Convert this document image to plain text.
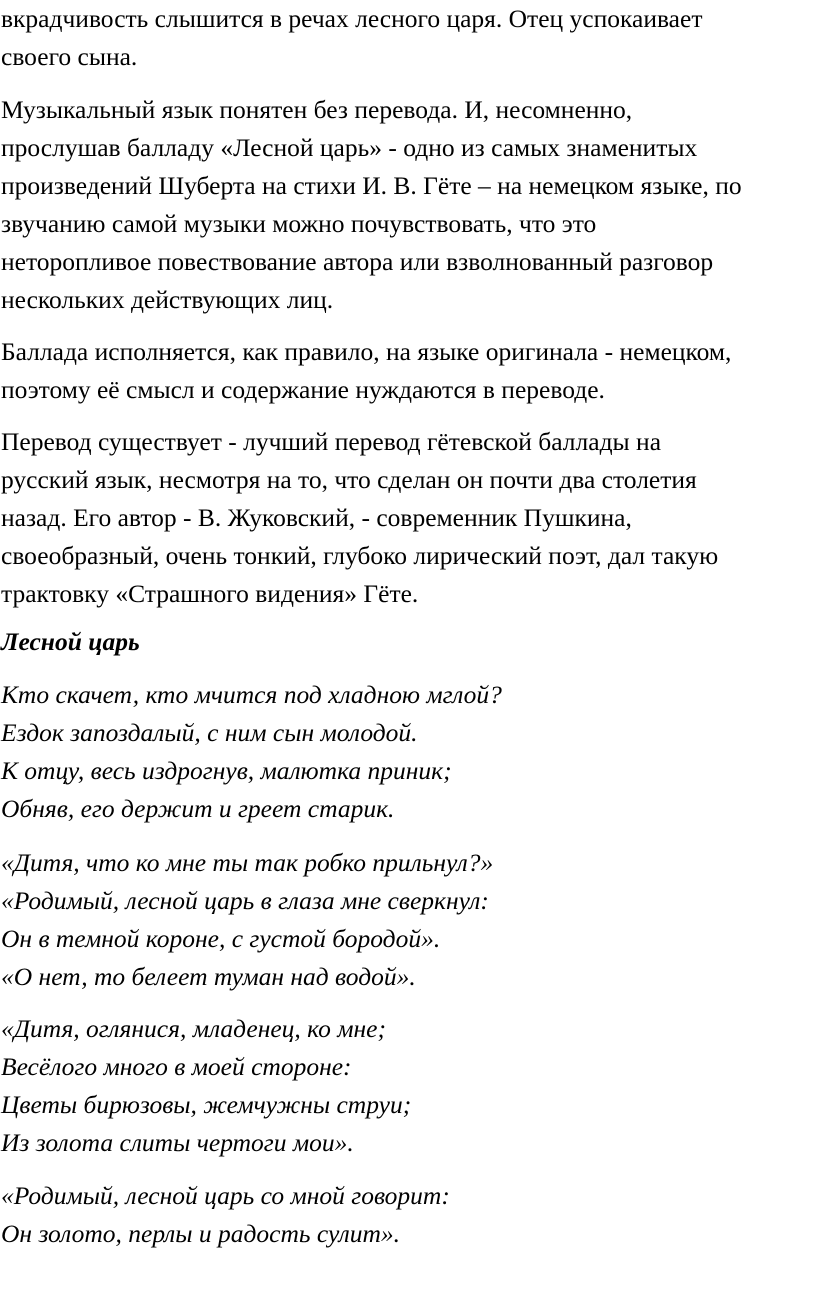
вкрадчивость слышится в речах лесного царя. Отец успокаивает
своего сына.

Музыкальный язык понятен без перевода. И, несомненно,
прослушав балладу «Лесной царь» - одно из самых знаменитых
произведений Шуберта на стихи И. В. Гёте – на немецком языке, по
звучанию самой музыки можно почувствовать, что это
неторопливое повествование автора или взволнованный разговор
нескольких действующих лиц.

Баллада исполняется, как правило, на языке оригинала - немецком,
поэтому её смысл и содержание нуждаются в переводе.

Перевод существует - лучший перевод гётевской баллады на
русский язык, несмотря на то, что сделан он почти два столетия
назад. Его автор - В. Жуковский, - современник Пушкина,
своеобразный, очень тонкий, глубоко лирический поэт, дал такую
трактовку «Страшного видения» Гёте.

Лесной царь
Кто скачет, кто мчится под хладною мглой?
Ездок запоздалый, с ним сын молодой.
К отцу, весь издрогнув, малютка приник;
Обняв, его держит и греет старик.
«Дитя, что ко мне ты так робко прильнул?»
«Родимый, лесной царь в глаза мне сверкнул:
Он в темной короне, с густой бородой».
«О нет, то белеет туман над водой».
«Дитя, оглянися, младенец, ко мне;
Весёлого много в моей стороне:
Цветы бирюзовы, жемчужны струи;
Из золота слиты чертоги мои».
«Родимый, лесной царь со мной говорит:
Он золото, перлы и радость сулит».
